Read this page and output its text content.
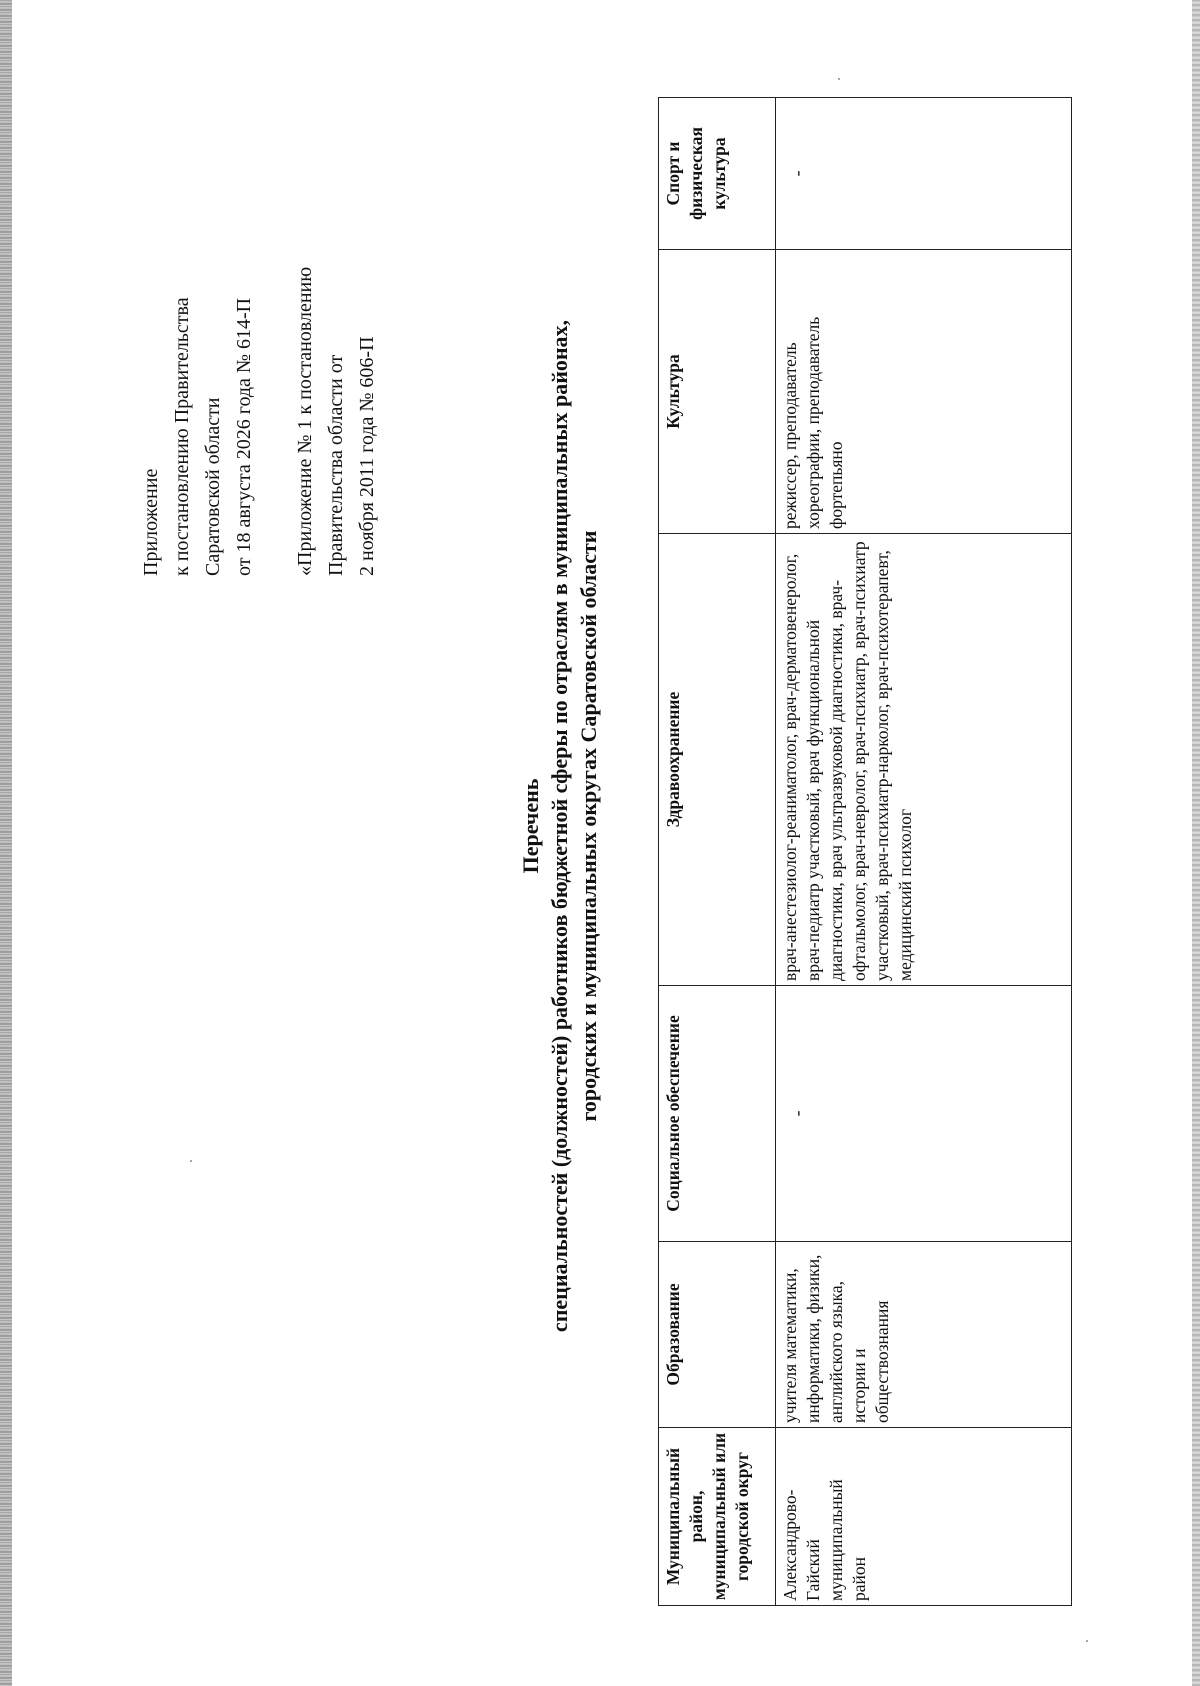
Приложение к постановлению Правительства Саратовской области от 18 августа 2026 года № 614-П «Приложение № 1 к постановлению Правительства области от 2 ноября 2011 года № 606-П
Перечень специальностей (должностей) работников бюджетной сферы по отраслям в муниципальных районах, городских и муниципальных округах Саратовской области
Муниципальный район, муниципальный или городской округ	Образование	Социальное обеспечение	Здравоохранение	Культура	Спорт и физическая культура
Александрово-Гайский муниципальный район	учителя математики, информатики, физики, английского языка, истории и обществознания	-	врач-анестезиолог-реаниматолог, врач-дерматовенеролог, врач-педиатр участковый, врач функциональной диагностики, врач ультразвуковой диагностики, врач-офтальмолог, врач-невролог, врач-психиатр, врач-психиатр участковый, врач-психиатр-нарколог, врач-психотерапевт, медицинский психолог	режиссер, преподаватель хореографии, преподаватель фортепьяно	-
